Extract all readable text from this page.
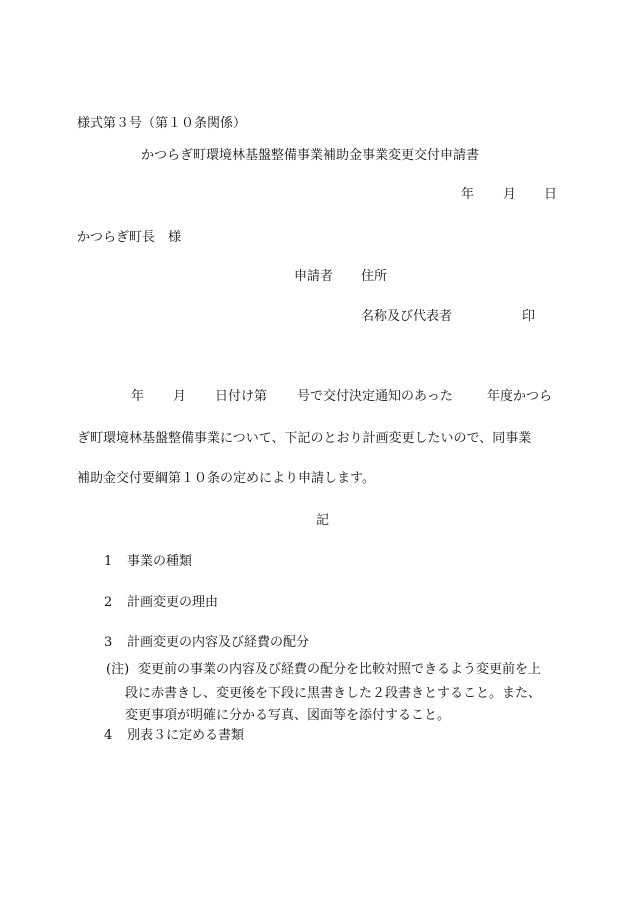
様式第３号（第１０条関係）
かつらぎ町環境林基盤整備事業補助金事業変更交付申請書
年 月 日
かつらぎ町長　様
申請者 住所
名称及び代表者	印
年 月 日付け第 号で交付決定通知のあった	年度かつら
ぎ町環境林基盤整備事業について、下記のとおり計画変更したいので、同事業
補助金交付要綱第１０条の定めにより申請します。
記
1 事業の種類
2 計画変更の理由
3 計画変更の内容及び経費の配分
(注) 変更前の事業の内容及び経費の配分を比較対照できるよう変更前を上
段に赤書きし、変更後を下段に黒書きした２段書きとすること。また、
変更事項が明確に分かる写真、図面等を添付すること。
4 別表３に定める書類
